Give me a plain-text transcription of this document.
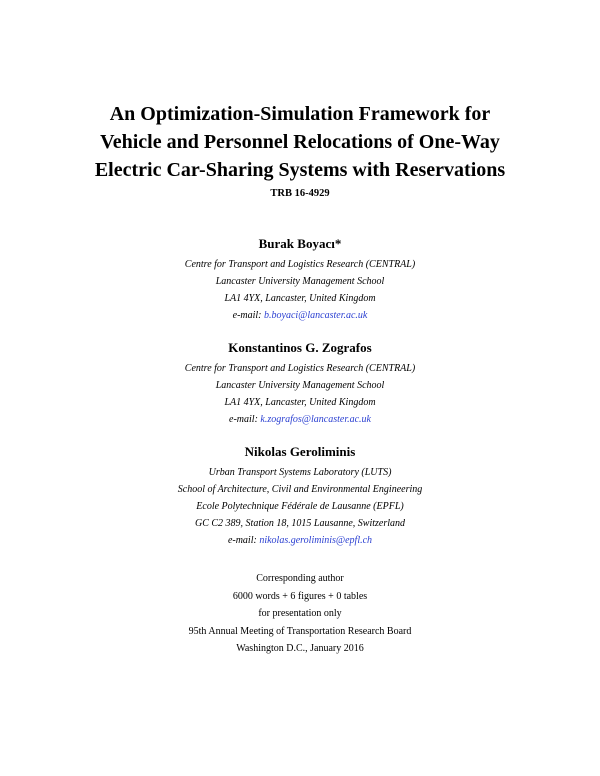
An Optimization-Simulation Framework for
Vehicle and Personnel Relocations of One-Way
Electric Car-Sharing Systems with Reservations
TRB 16-4929
Burak Boyacı*
Centre for Transport and Logistics Research (CENTRAL)
Lancaster University Management School
LA1 4YX, Lancaster, United Kingdom
e-mail: b.boyaci@lancaster.ac.uk
Konstantinos G. Zografos
Centre for Transport and Logistics Research (CENTRAL)
Lancaster University Management School
LA1 4YX, Lancaster, United Kingdom
e-mail: k.zografos@lancaster.ac.uk
Nikolas Geroliminis
Urban Transport Systems Laboratory (LUTS)
School of Architecture, Civil and Environmental Engineering
Ecole Polytechnique Fédérale de Lausanne (EPFL)
GC C2 389, Station 18, 1015 Lausanne, Switzerland
e-mail: nikolas.geroliminis@epfl.ch
Corresponding author
6000 words + 6 figures + 0 tables
for presentation only
95th Annual Meeting of Transportation Research Board
Washington D.C., January 2016
